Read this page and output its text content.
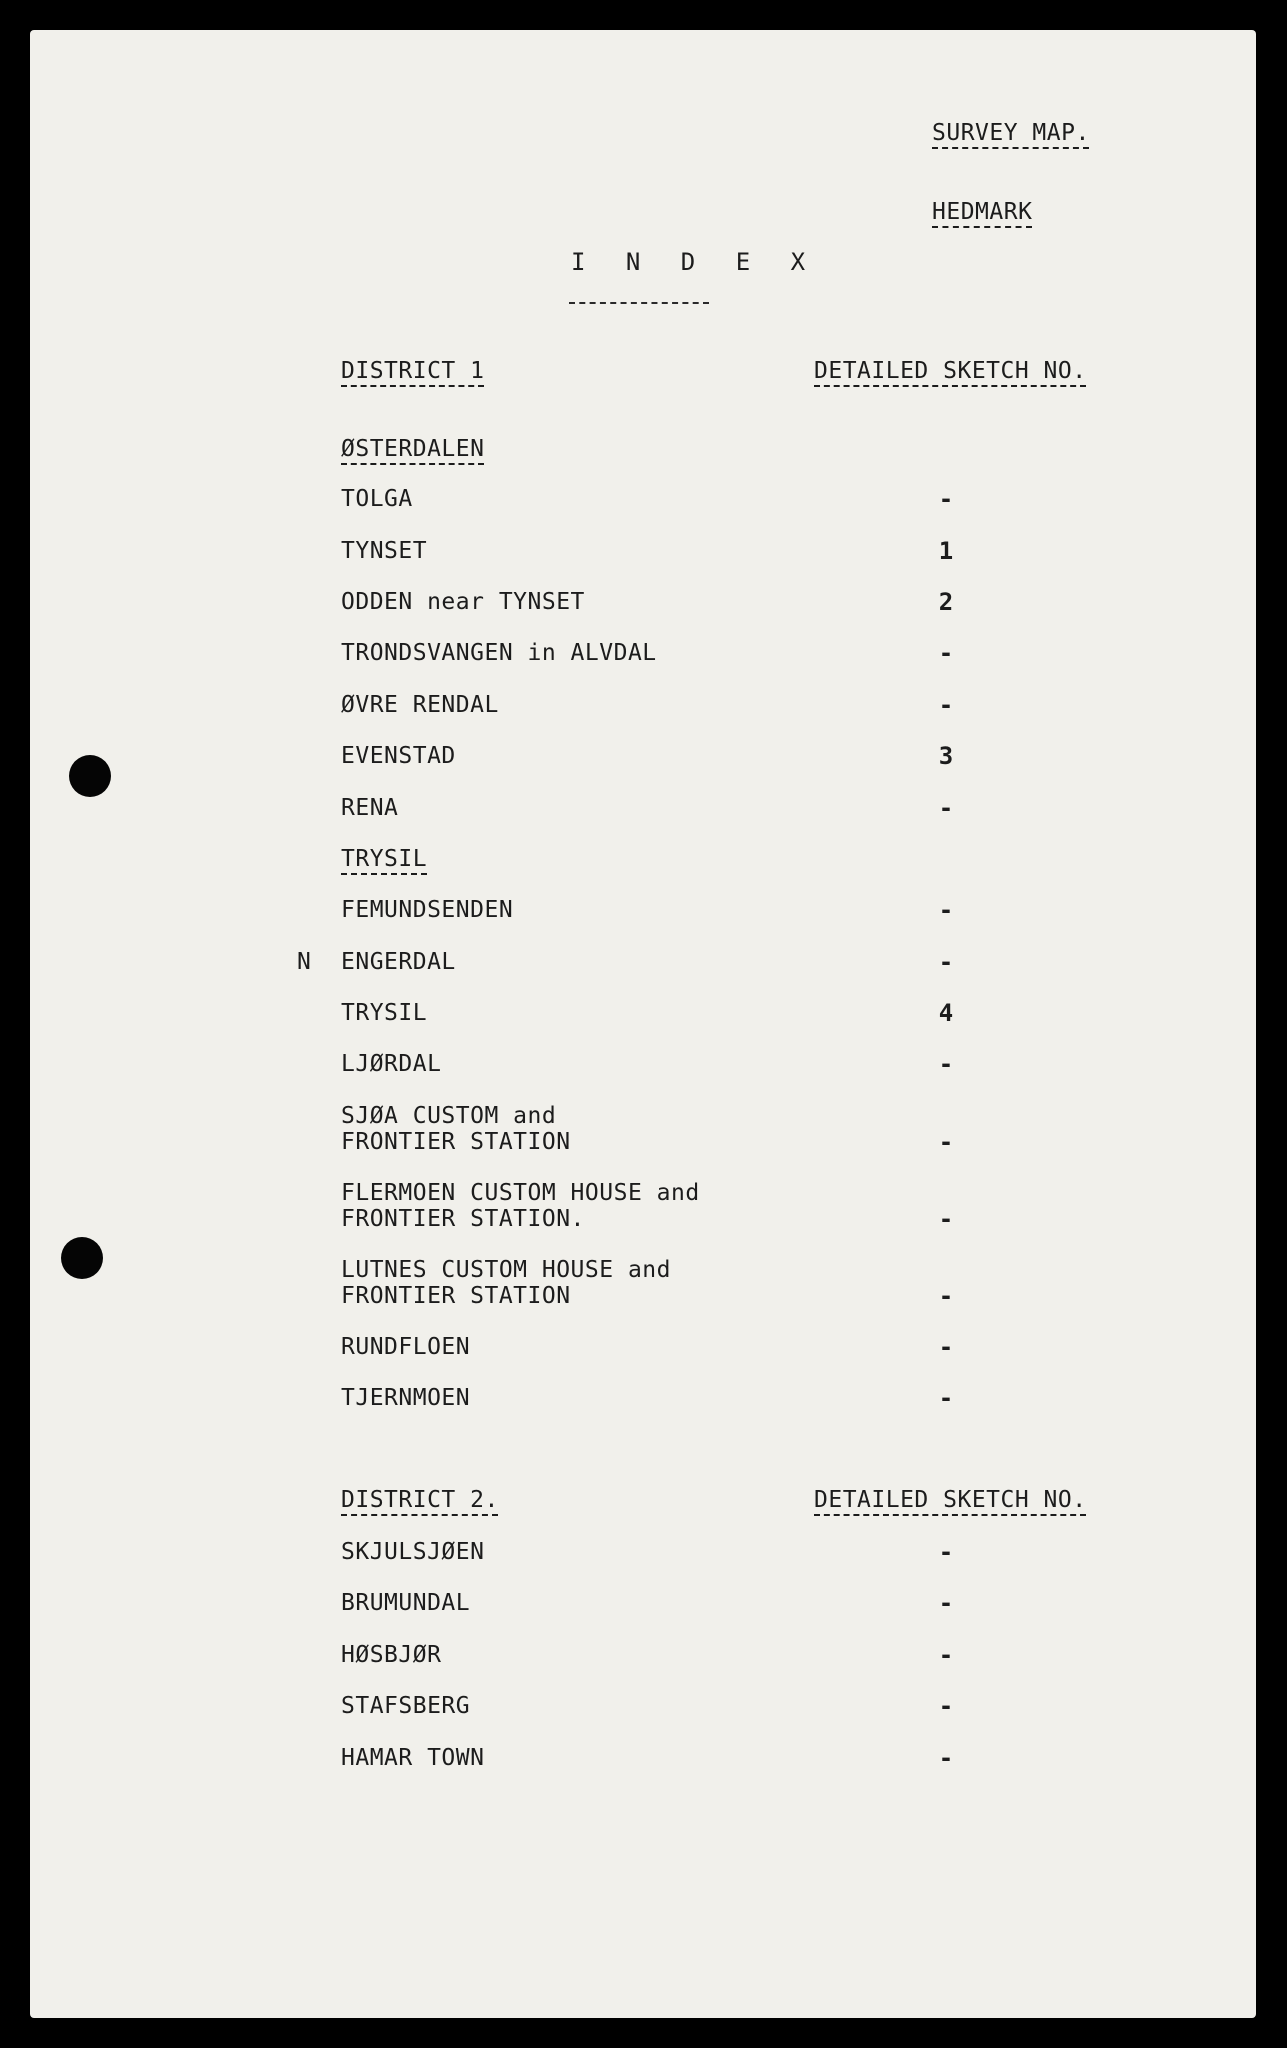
SURVEY MAP.
HEDMARK
I N D E X
DISTRICT 1	DETAILED SKETCH NO.
ØSTERDALEN
TOLGA	-
TYNSET	1
ODDEN near TYNSET	2
TRONDSVANGEN in ALVDAL	-
ØVRE RENDAL	-
EVENSTAD	3
RENA	-
TRYSIL
FEMUNDSENDEN	-
N ENGERDAL	-
TRYSIL	4
LJØRDAL	-
SJØA CUSTOM and
FRONTIER STATION	-
FLERMOEN CUSTOM HOUSE and
FRONTIER STATION.	-
LUTNES CUSTOM HOUSE and
FRONTIER STATION	-
RUNDFLOEN	-
TJERNMOEN	-
DISTRICT 2.	DETAILED SKETCH NO.
SKJULSJØEN	-
BRUMUNDAL	-
HØSBJØR	-
STAFSBERG	-
HAMAR TOWN	-
